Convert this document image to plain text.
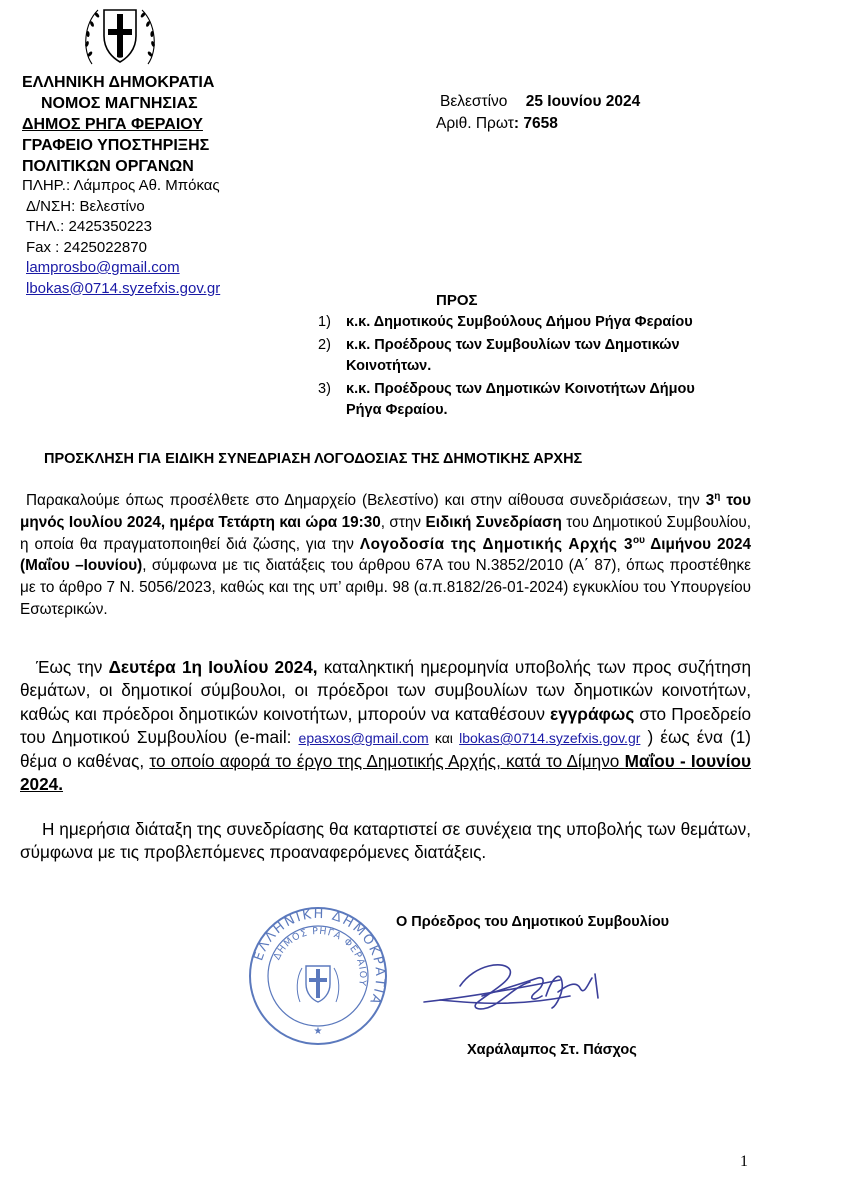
ΕΛΛΗΝΙΚΗ ΔΗΜΟΚΡΑΤΙΑ
ΝΟΜΟΣ ΜΑΓΝΗΣΙΑΣ
ΔΗΜΟΣ ΡΗΓΑ ΦΕΡΑΙΟΥ
ΓΡΑΦΕΙΟ ΥΠΟΣΤΗΡΙΞΗΣ
ΠΟΛΙΤΙΚΩΝ ΟΡΓΑΝΩΝ
ΠΛΗΡ.: Λάμπρος Αθ. Μπόκας
Δ/ΝΣΗ: Βελεστίνο
ΤΗΛ.: 2425350223
Fax : 2425022870
lamprosbo@gmail.com
lbokas@0714.syzefxis.gov.gr
Βελεστίνο 25 Ιουνίου 2024
Αριθ. Πρωτ: 7658
ΠΡΟΣ
1)	κ.κ. Δημοτικούς Συμβούλους Δήμου Ρήγα Φεραίου
2)	κ.κ. Προέδρους των Συμβουλίων των Δημοτικών Κοινοτήτων.
3)	κ.κ. Προέδρους των Δημοτικών Κοινοτήτων Δήμου Ρήγα Φεραίου.
ΠΡΟΣΚΛΗΣΗ ΓΙΑ ΕΙΔΙΚΗ ΣΥΝΕΔΡΙΑΣΗ ΛΟΓΟΔΟΣΙΑΣ ΤΗΣ ΔΗΜΟΤΙΚΗΣ ΑΡΧΗΣ
Παρακαλούμε όπως προσέλθετε στο Δημαρχείο (Βελεστίνο) και στην αίθουσα συνεδριάσεων, την $3^\eta$ του μηνός Ιουλίου 2024, ημέρα Τετάρτη και ώρα 19:30, στην Ειδική Συνεδρίαση του Δημοτικού Συμβουλίου, η οποία θα πραγματοποιηθεί διά ζώσης, για την Λογοδοσία της Δημοτικής Αρχής $3^{o\upsilon}$ Διμήνου 2024 (Μαΐου –Ιουνίου), σύμφωνα με τις διατάξεις του άρθρου 67Α του Ν.3852/2010 (Α΄ 87), όπως προστέθηκε με το άρθρο 7 Ν. 5056/2023, καθώς και της υπ’ αριθμ. 98 (α.π.8182/26-01-2024) εγκυκλίου του Υπουργείου Εσωτερικών.
Έως την Δευτέρα 1η Ιουλίου 2024, καταληκτική ημερομηνία υποβολής των προς συζήτηση θεμάτων, οι δημοτικοί σύμβουλοι, οι πρόεδροι των συμβουλίων των δημοτικών κοινοτήτων, καθώς και πρόεδροι δημοτικών κοινοτήτων, μπορούν να καταθέσουν εγγράφως στο Προεδρείο του Δημοτικού Συμβουλίου (e-mail: epasxos@gmail.com και lbokas@0714.syzefxis.gov.gr ) έως ένα (1) θέμα ο καθένας, το οποίο αφορά το έργο της Δημοτικής Αρχής, κατά το Δίμηνο Μαΐου - Ιουνίου 2024.
Η ημερήσια διάταξη της συνεδρίασης θα καταρτιστεί σε συνέχεια της υποβολής των θεμάτων, σύμφωνα με τις προβλεπόμενες προαναφερόμενες διατάξεις.
Ο Πρόεδρος του Δημοτικού Συμβουλίου
ΕΛΛΗΝΙΚΗ ΔΗΜΟΚΡΑΤΙΑ
ΔΗΜΟΣ ΡΗΓΑ ΦΕΡΑΙΟΥ
★
Χαράλαμπος Στ. Πάσχος
1
